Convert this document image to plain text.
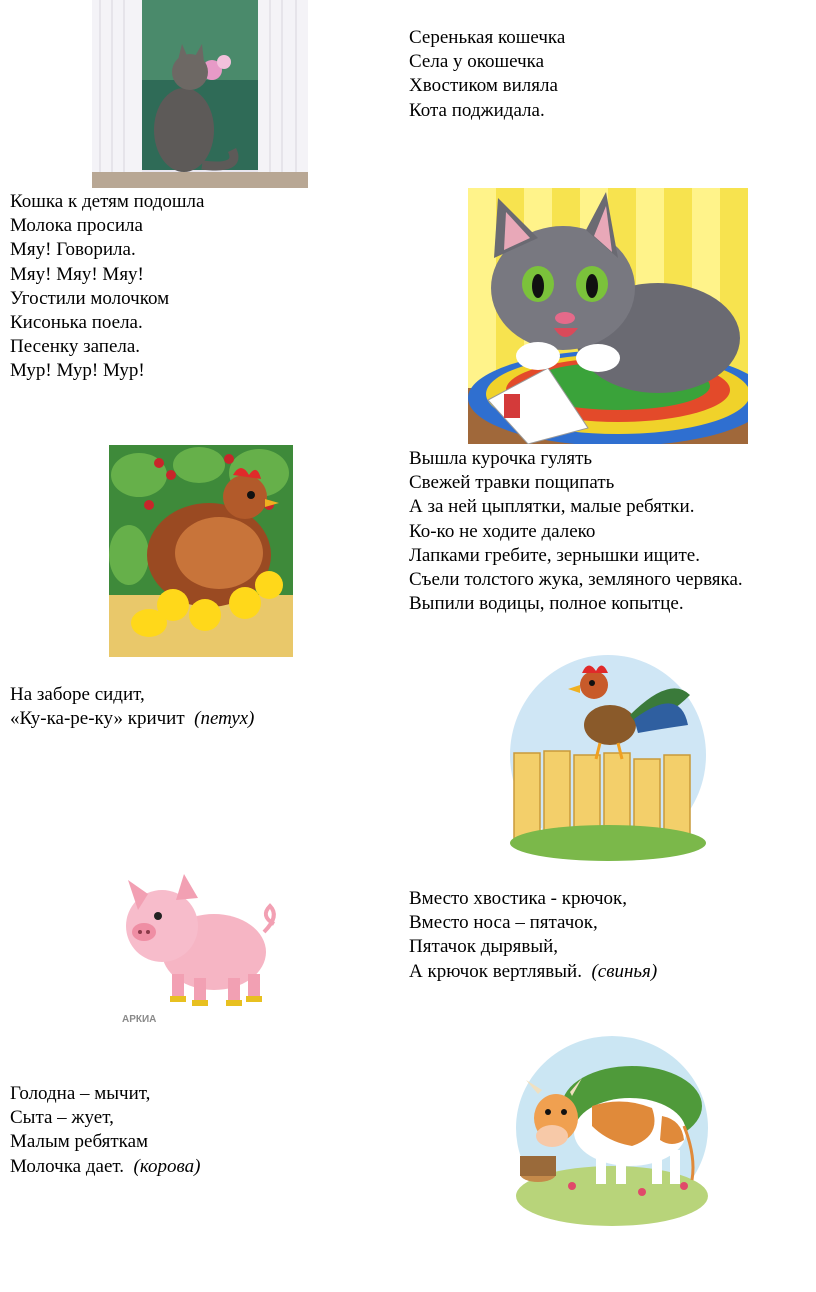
Серенькая кошечка
Села у окошечка
Хвостиком виляла
Кота поджидала.
Кошка к детям подошла
Молока просила
Мяу! Говорила.
Мяу! Мяу! Мяу!
Угостили молочком
Кисонька поела.
Песенку запела.
Мур! Мур! Мур!
Вышла курочка гулять
Свежей травки пощипать
А за ней цыплятки, малые ребятки.
Ко-ко не ходите далеко
Лапками гребите, зернышки ищите.
Съели толстого жука, земляного червяка.
Выпили водицы, полное копытце.
На заборе сидит,
«Ку-ка-ре-ку» кричит (петух)
АРКИА
Вместо хвостика - крючок,
Вместо носа – пятачок,
Пятачок дырявый,
А крючок вертлявый. (свинья)
Голодна – мычит,
Сыта – жует,
Малым ребяткам
Молочка дает. (корова)
